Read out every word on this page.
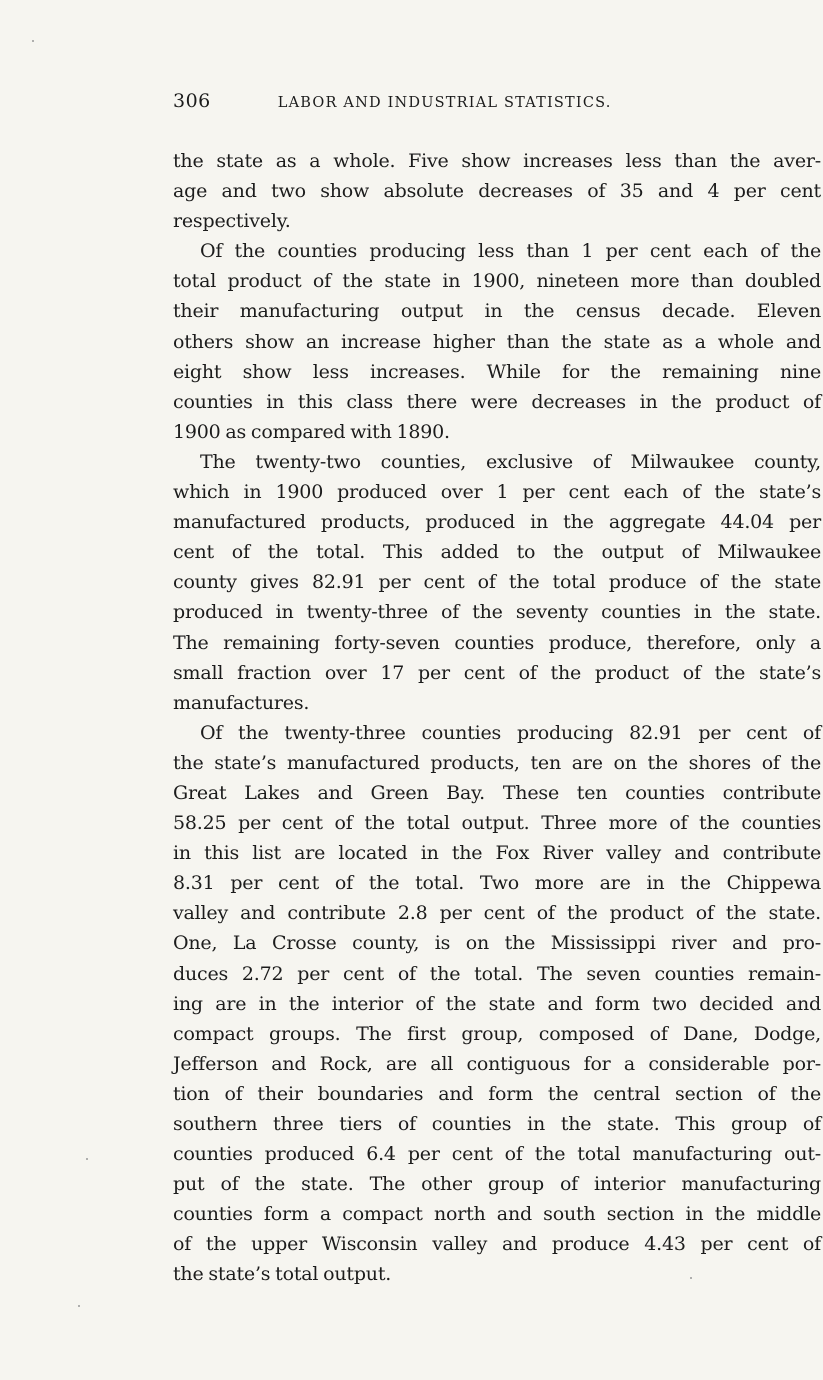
306	LABOR AND INDUSTRIAL STATISTICS.
the state as a whole. Five show increases less than the aver-
age and two show absolute decreases of 35 and 4 per cent
respectively.
Of the counties producing less than 1 per cent each of the
total product of the state in 1900, nineteen more than doubled
their manufacturing output in the census decade. Eleven
others show an increase higher than the state as a whole and
eight show less increases. While for the remaining nine
counties in this class there were decreases in the product of
1900 as compared with 1890.
The twenty-two counties, exclusive of Milwaukee county,
which in 1900 produced over 1 per cent each of the state’s
manufactured products, produced in the aggregate 44.04 per
cent of the total. This added to the output of Milwaukee
county gives 82.91 per cent of the total produce of the state
produced in twenty-three of the seventy counties in the state.
The remaining forty-seven counties produce, therefore, only a
small fraction over 17 per cent of the product of the state’s
manufactures.
Of the twenty-three counties producing 82.91 per cent of
the state’s manufactured products, ten are on the shores of the
Great Lakes and Green Bay. These ten counties contribute
58.25 per cent of the total output. Three more of the counties
in this list are located in the Fox River valley and contribute
8.31 per cent of the total. Two more are in the Chippewa
valley and contribute 2.8 per cent of the product of the state.
One, La Crosse county, is on the Mississippi river and pro-
duces 2.72 per cent of the total. The seven counties remain-
ing are in the interior of the state and form two decided and
compact groups. The first group, composed of Dane, Dodge,
Jefferson and Rock, are all contiguous for a considerable por-
tion of their boundaries and form the central section of the
southern three tiers of counties in the state. This group of
counties produced 6.4 per cent of the total manufacturing out-
put of the state. The other group of interior manufacturing
counties form a compact north and south section in the middle
of the upper Wisconsin valley and produce 4.43 per cent of
the state’s total output.
